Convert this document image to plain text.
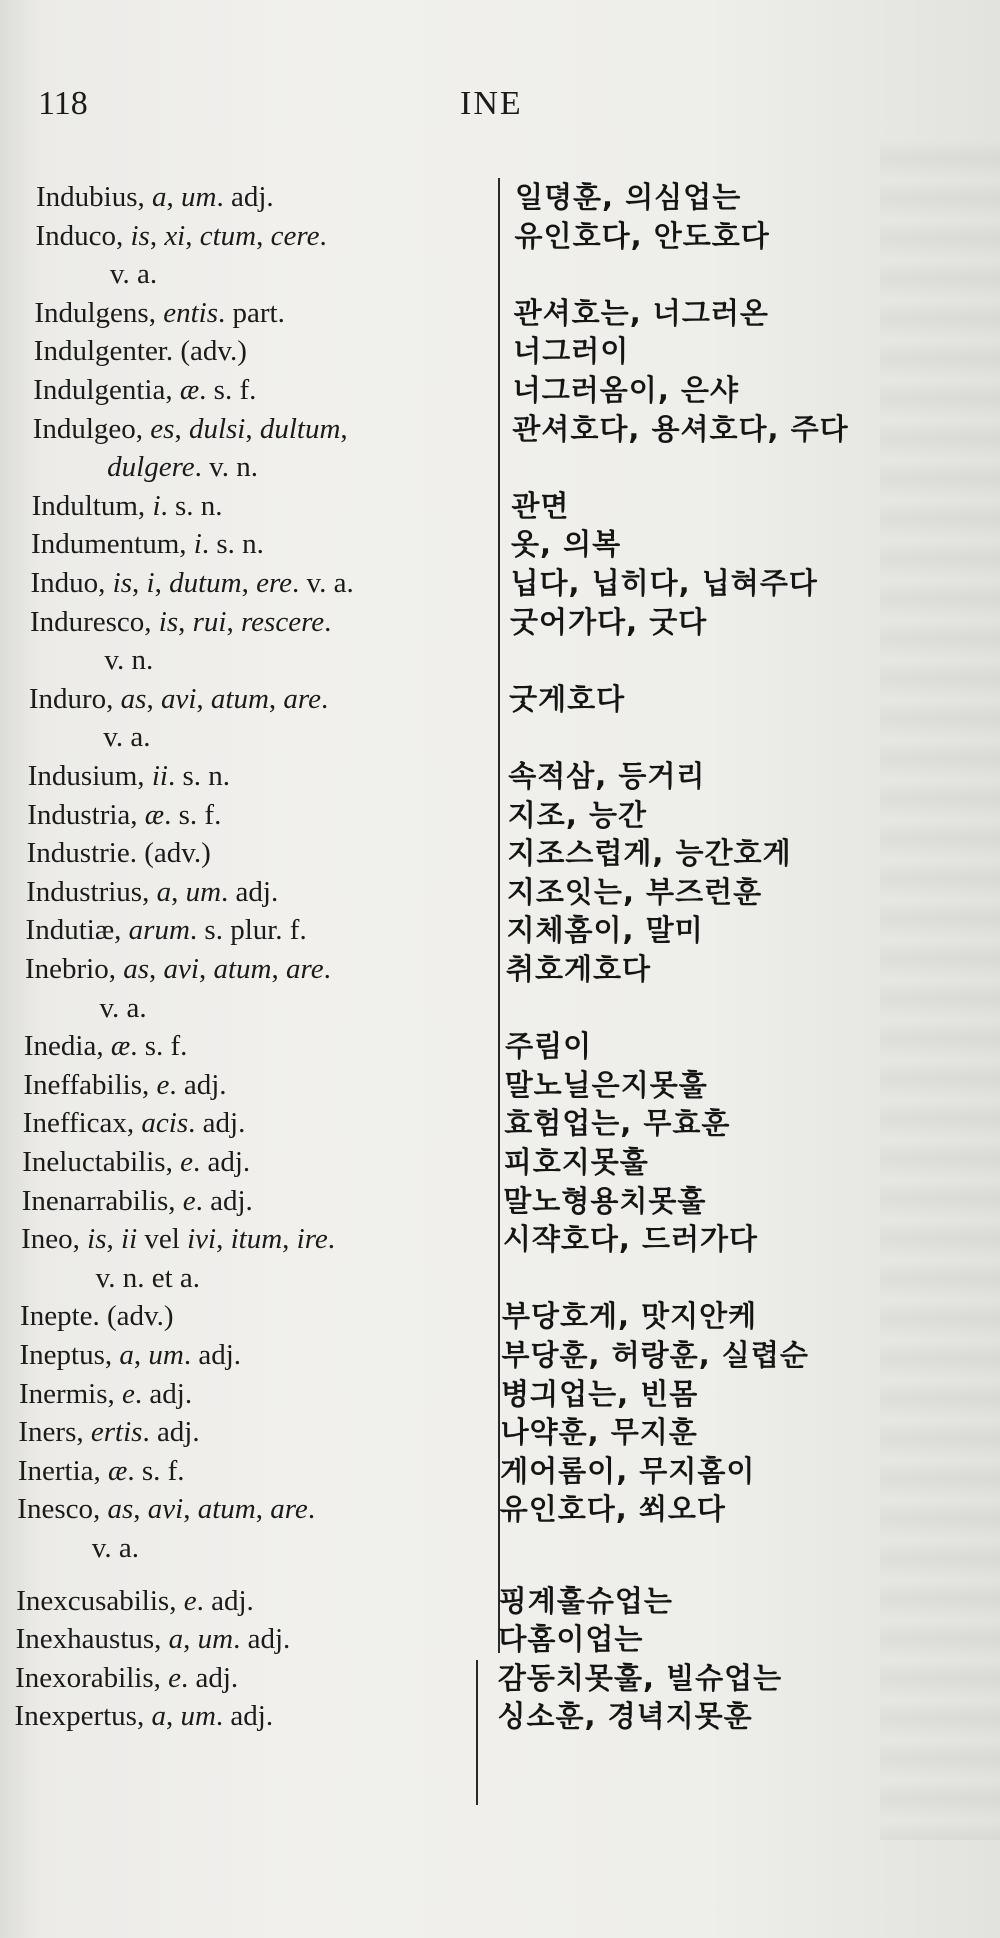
118	INE
Indubius, a, um. adj.	일뎡훈, 의심업는
Induco, is, xi, ctum, cere.	유인호다, 안도호다
v. a.
Indulgens, entis. part.	관셔호는, 너그러온
Indulgenter. (adv.)	너그러이
Indulgentia, æ. s. f.	너그러옴이, 은샤
Indulgeo, es, dulsi, dultum,	관셔호다, 용셔호다, 주다
dulgere. v. n.
Indultum, i. s. n.	관면
Indumentum, i. s. n.	옷, 의복
Induo, is, i, dutum, ere. v. a.	닙다, 닙히다, 닙혀주다
Induresco, is, rui, rescere.	굿어가다, 굿다
v. n.
Induro, as, avi, atum, are.	굿게호다
v. a.
Indusium, ii. s. n.	속적삼, 등거리
Industria, æ. s. f.	지조, 능간
Industrie. (adv.)	지조스럽게, 능간호게
Industrius, a, um. adj.	지조잇는, 부즈런훈
Indutiæ, arum. s. plur. f.	지체홈이, 말미
Inebrio, as, avi, atum, are.	취호게호다
v. a.
Inedia, æ. s. f.	주림이
Ineffabilis, e. adj.	말노닐은지못훌
Inefficax, acis. adj.	효험업는, 무효훈
Ineluctabilis, e. adj.	피호지못훌
Inenarrabilis, e. adj.	말노형용치못훌
Ineo, is, ii vel ivi, itum, ire.	시쟉호다, 드러가다
v. n. et a.
Inepte. (adv.)	부당호게, 맛지안케
Ineptus, a, um. adj.	부당훈, 허랑훈, 실렵순
Inermis, e. adj.	병긔업는, 빈몸
Iners, ertis. adj.	나약훈, 무지훈
Inertia, æ. s. f.	게어롬이, 무지홈이
Inesco, as, avi, atum, are.	유인호다, 쐬오다
v. a.
Inexcusabilis, e. adj.	핑계훌슈업는
Inexhaustus, a, um. adj.	다홈이업는
Inexorabilis, e. adj.	감동치못훌, 빌슈업는
Inexpertus, a, um. adj.	싱소훈, 경녁지못훈
